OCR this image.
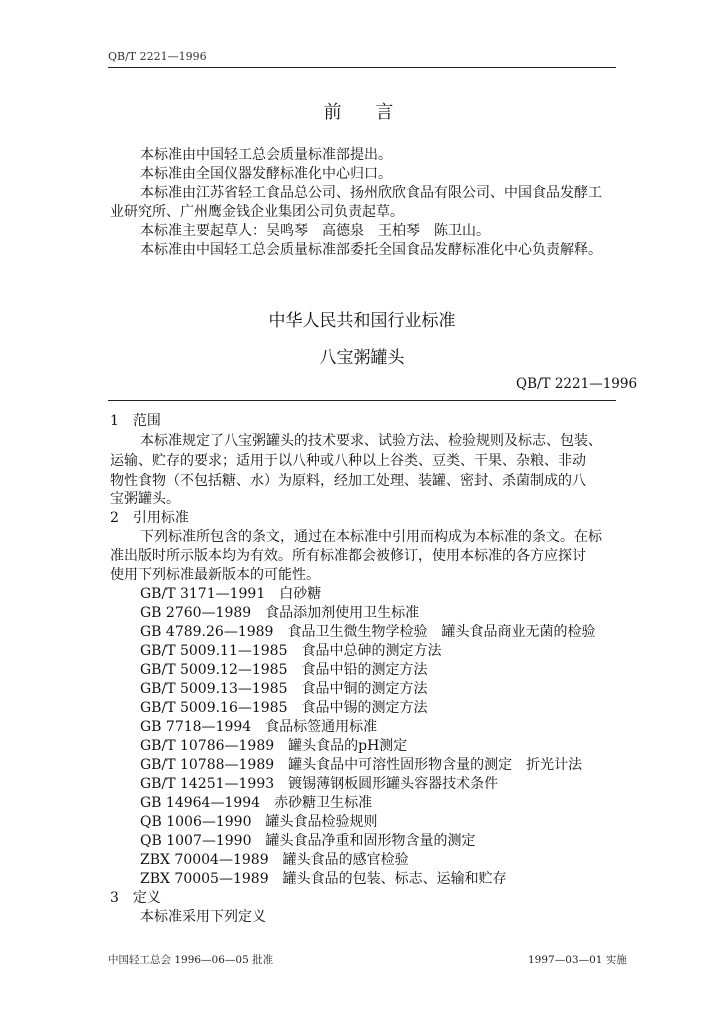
QB/T 2221—1996
前 言
本标准由中国轻工总会质量标准部提出。
本标准由全国仪器发酵标准化中心归口。
本标准由江苏省轻工食品总公司、扬州欣欣食品有限公司、中国食品发酵工
业研究所、广州鹰金钱企业集团公司负责起草。
本标准主要起草人：吴鸣琴　高德泉　王柏琴　陈卫山。
本标准由中国轻工总会质量标准部委托全国食品发酵标准化中心负责解释。
中华人民共和国行业标准
八宝粥罐头
QB/T 2221—1996
1　范围
本标准规定了八宝粥罐头的技术要求、试验方法、检验规则及标志、包装、
运输、贮存的要求；适用于以八种或八种以上谷类、豆类、干果、杂粮、非动
物性食物（不包括糖、水）为原料，经加工处理、装罐、密封、杀菌制成的八
宝粥罐头。
2　引用标准
下列标准所包含的条文，通过在本标准中引用而构成为本标准的条文。在标
准出版时所示版本均为有效。所有标准都会被修订，使用本标准的各方应探讨
使用下列标准最新版本的可能性。
GB/T 3171—1991　白砂糖
GB 2760—1989　食品添加剂使用卫生标准
GB 4789.26—1989　食品卫生微生物学检验　罐头食品商业无菌的检验
GB/T 5009.11—1985　食品中总砷的测定方法
GB/T 5009.12—1985　食品中铅的测定方法
GB/T 5009.13—1985　食品中铜的测定方法
GB/T 5009.16—1985　食品中锡的测定方法
GB 7718—1994　食品标签通用标准
GB/T 10786—1989　罐头食品的pH测定
GB/T 10788—1989　罐头食品中可溶性固形物含量的测定　折光计法
GB/T 14251—1993　镀锡薄钢板圆形罐头容器技术条件
GB 14964—1994　赤砂糖卫生标准
QB 1006—1990　罐头食品检验规则
QB 1007—1990　罐头食品净重和固形物含量的测定
ZBX 70004—1989　罐头食品的感官检验
ZBX 70005—1989　罐头食品的包装、标志、运输和贮存
3　定义
本标准采用下列定义
中国轻工总会 1996—06—05 批准	1997—03—01 实施
